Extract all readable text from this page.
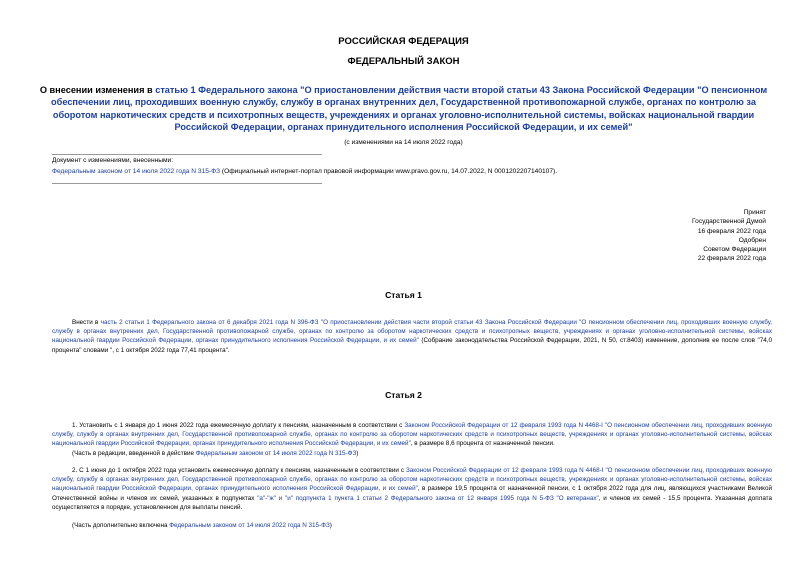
РОССИЙСКАЯ ФЕДЕРАЦИЯ
ФЕДЕРАЛЬНЫЙ ЗАКОН
О внесении изменения в статью 1 Федерального закона "О приостановлении действия части второй статьи 43 Закона Российской Федерации "О пенсионном обеспечении лиц, проходивших военную службу, службу в органах внутренних дел, Государственной противопожарной службе, органах по контролю за оборотом наркотических средств и психотропных веществ, учреждениях и органах уголовно-исполнительной системы, войсках национальной гвардии Российской Федерации, органах принудительного исполнения Российской Федерации, и их семей"
(с изменениями на 14 июля 2022 года)
Документ с изменениями, внесенными:
Федеральным законом от 14 июля 2022 года N 315-ФЗ (Официальный интернет-портал правовой информации www.pravo.gov.ru, 14.07.2022, N 0001202207140107).
Принят
Государственной Думой
16 февраля 2022 года
Одобрен
Советом Федерации
22 февраля 2022 года
Статья 1
Внести в часть 2 статьи 1 Федерального закона от 6 декабря 2021 года N 396-ФЗ "О приостановлении действия части второй статьи 43 Закона Российской Федерации "О пенсионном обеспечении лиц, проходивших военную службу, службу в органах внутренних дел, Государственной противопожарной службе, органах по контролю за оборотом наркотических средств и психотропных веществ, учреждениях и органах уголовно-исполнительной системы, войсках национальной гвардии Российской Федерации, органах принудительного исполнения Российской Федерации, и их семей" (Собрание законодательства Российской Федерации, 2021, N 50, ст.8403) изменение, дополнив ее после слов "74,0 процента" словами ", с 1 октября 2022 года 77,41 процента".
Статья 2
1. Установить с 1 января до 1 июня 2022 года ежемесячную доплату к пенсиям, назначенным в соответствии с Законом Российской Федерации от 12 февраля 1993 года N 4468-I "О пенсионном обеспечении лиц, проходивших военную службу, службу в органах внутренних дел, Государственной противопожарной службе, органах по контролю за оборотом наркотических средств и психотропных веществ, учреждениях и органах уголовно-исполнительной системы, войсках национальной гвардии Российской Федерации, органах принудительного исполнения Российской Федерации, и их семей", в размере 8,6 процента от назначенной пенсии.
(Часть в редакции, введенной в действие Федеральным законом от 14 июля 2022 года N 315-ФЗ)
2. С 1 июня до 1 октября 2022 года установить ежемесячную доплату к пенсиям, назначенным в соответствии с Законом Российской Федерации от 12 февраля 1993 года N 4468-I "О пенсионном обеспечении лиц, проходивших военную службу, службу в органах внутренних дел, Государственной противопожарной службе, органах по контролю за оборотом наркотических средств и психотропных веществ, учреждениях и органах уголовно-исполнительной системы, войсках национальной гвардии Российской Федерации, органах принудительного исполнения Российской Федерации, и их семей", в размере 19,5 процента от назначенной пенсии, с 1 октября 2022 года для лиц, являющихся участниками Великой Отечественной войны и членов их семей, указанных в подпунктах "а"-"ж" и "и" подпункта 1 пункта 1 статьи 2 Федерального закона от 12 января 1995 года N 5-ФЗ "О ветеранах", и членов их семей - 15,5 процента. Указанная доплата осуществляется в порядке, установленном для выплаты пенсий.
(Часть дополнительно включена Федеральным законом от 14 июля 2022 года N 315-ФЗ)
